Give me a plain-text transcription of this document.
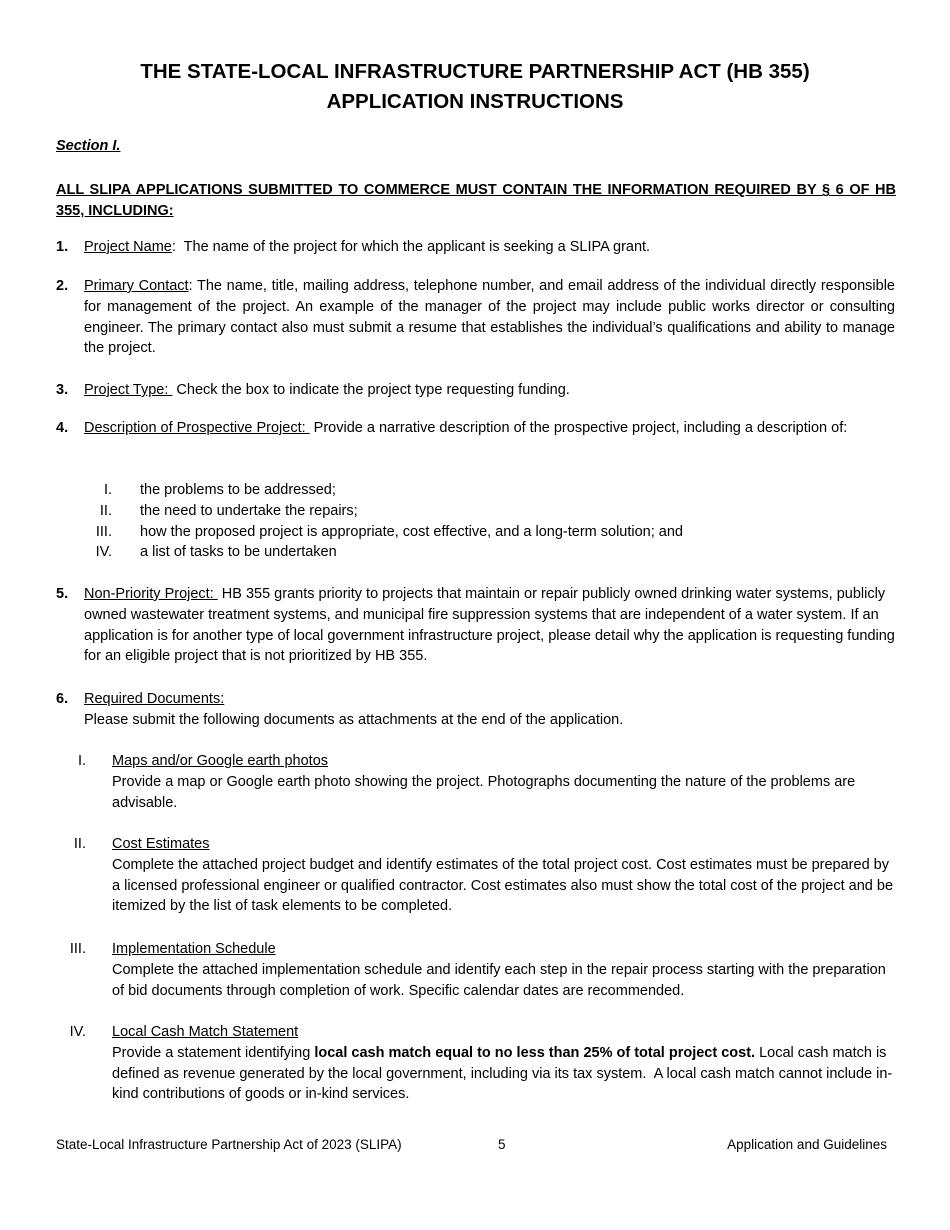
THE STATE-LOCAL INFRASTRUCTURE PARTNERSHIP ACT (HB 355)
APPLICATION INSTRUCTIONS
Section I.
ALL SLIPA APPLICATIONS SUBMITTED TO COMMERCE MUST CONTAIN THE INFORMATION REQUIRED BY § 6 OF HB 355, INCLUDING:
1. Project Name:  The name of the project for which the applicant is seeking a SLIPA grant.
2. Primary Contact: The name, title, mailing address, telephone number, and email address of the individual directly responsible for management of the project. An example of the manager of the project may include public works director or consulting engineer. The primary contact also must submit a resume that establishes the individual’s qualifications and ability to manage the project.
3. Project Type:  Check the box to indicate the project type requesting funding.
4. Description of Prospective Project:  Provide a narrative description of the prospective project, including a description of:
I. the problems to be addressed;
II. the need to undertake the repairs;
III. how the proposed project is appropriate, cost effective, and a long-term solution; and
IV. a list of tasks to be undertaken
5. Non-Priority Project:  HB 355 grants priority to projects that maintain or repair publicly owned drinking water systems, publicly owned wastewater treatment systems, and municipal fire suppression systems that are independent of a water system. If an application is for another type of local government infrastructure project, please detail why the application is requesting funding for an eligible project that is not prioritized by HB 355.
6. Required Documents:
Please submit the following documents as attachments at the end of the application.
I. Maps and/or Google earth photos
Provide a map or Google earth photo showing the project. Photographs documenting the nature of the problems are advisable.
II. Cost Estimates
Complete the attached project budget and identify estimates of the total project cost. Cost estimates must be prepared by a licensed professional engineer or qualified contractor. Cost estimates also must show the total cost of the project and be itemized by the list of task elements to be completed.
III. Implementation Schedule
Complete the attached implementation schedule and identify each step in the repair process starting with the preparation of bid documents through completion of work. Specific calendar dates are recommended.
IV. Local Cash Match Statement
Provide a statement identifying local cash match equal to no less than 25% of total project cost. Local cash match is defined as revenue generated by the local government, including via its tax system.  A local cash match cannot include in-kind contributions of goods or in-kind services.
State-Local Infrastructure Partnership Act of 2023 (SLIPA)	5	Application and Guidelines
